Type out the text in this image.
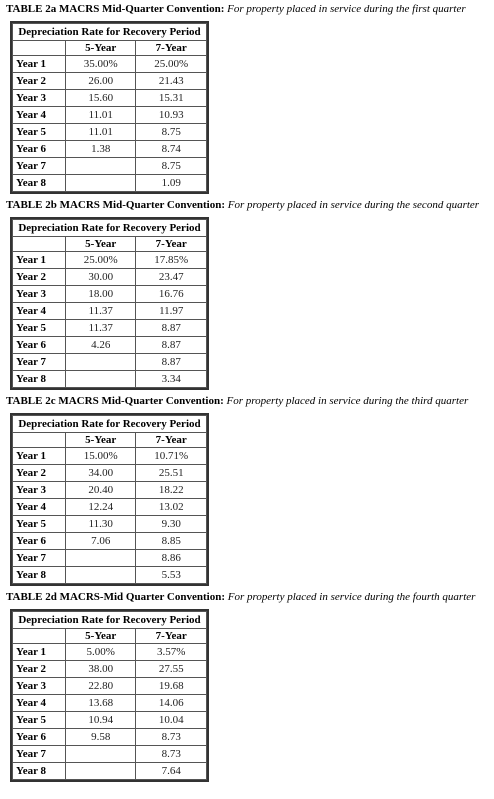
TABLE 2a MACRS Mid-Quarter Convention: For property placed in service during the first quarter

Depreciation Rate for Recovery Period		
	5-Year	7-Year
Year 1	35.00%	25.00%
Year 2	26.00	21.43
Year 3	15.60	15.31
Year 4	11.01	10.93
Year 5	11.01	8.75
Year 6	1.38	8.74
Year 7		8.75
Year 8		1.09

TABLE 2b MACRS Mid-Quarter Convention: For property placed in service during the second quarter

Depreciation Rate for Recovery Period		
	5-Year	7-Year
Year 1	25.00%	17.85%
Year 2	30.00	23.47
Year 3	18.00	16.76
Year 4	11.37	11.97
Year 5	11.37	8.87
Year 6	4.26	8.87
Year 7		8.87
Year 8		3.34

TABLE 2c MACRS Mid-Quarter Convention: For property placed in service during the third quarter

Depreciation Rate for Recovery Period		
	5-Year	7-Year
Year 1	15.00%	10.71%
Year 2	34.00	25.51
Year 3	20.40	18.22
Year 4	12.24	13.02
Year 5	11.30	9.30
Year 6	7.06	8.85
Year 7		8.86
Year 8		5.53

TABLE 2d MACRS-Mid Quarter Convention: For property placed in service during the fourth quarter

Depreciation Rate for Recovery Period		
	5-Year	7-Year
Year 1	5.00%	3.57%
Year 2	38.00	27.55
Year 3	22.80	19.68
Year 4	13.68	14.06
Year 5	10.94	10.04
Year 6	9.58	8.73
Year 7		8.73
Year 8		7.64
